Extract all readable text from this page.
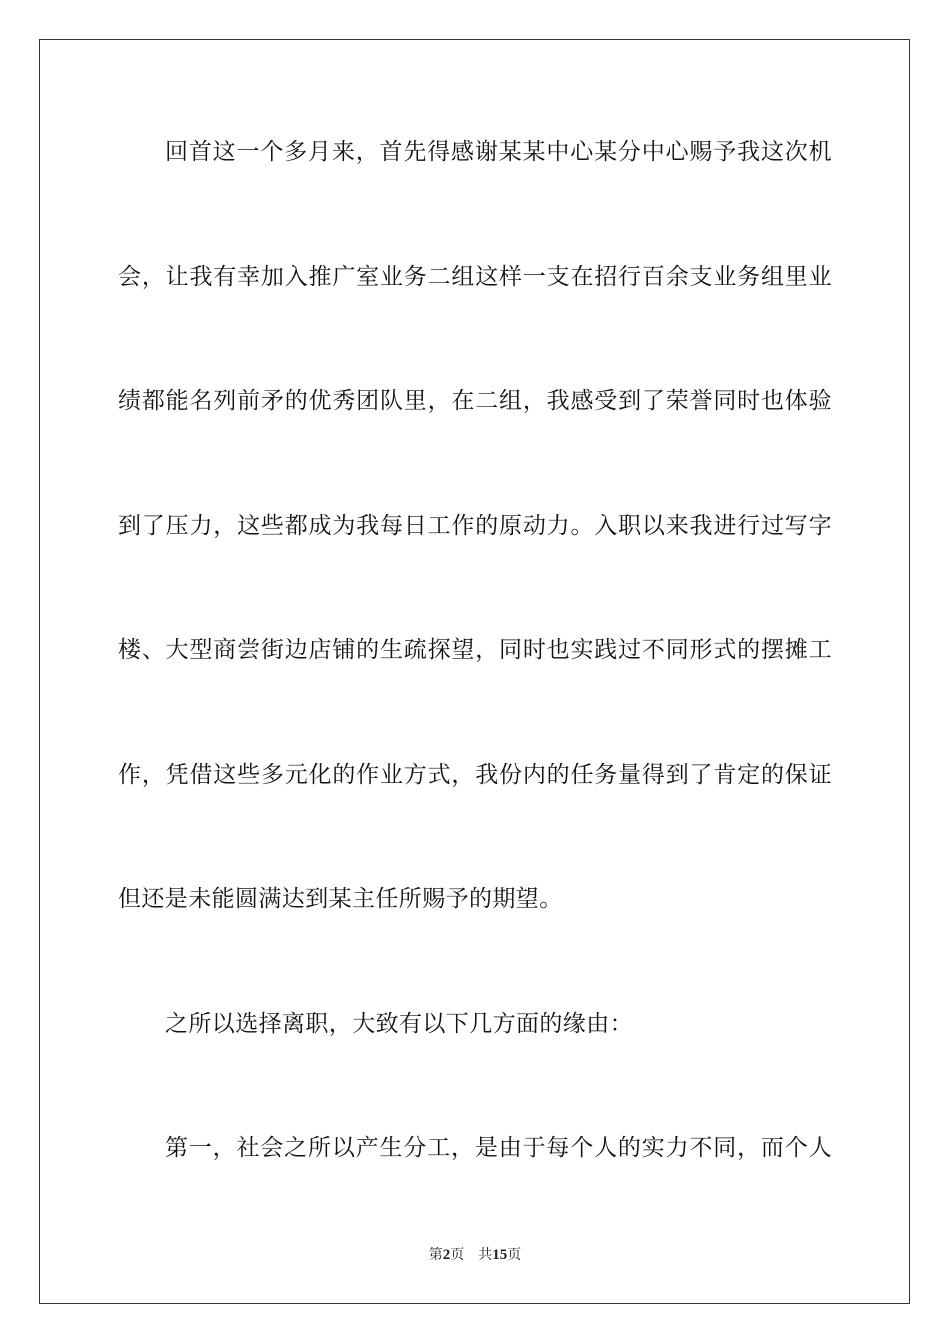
回首这一个多月来，首先得感谢某某中心某分中心赐予我这次机
会，让我有幸加入推广室业务二组这样一支在招行百余支业务组里业
绩都能名列前矛的优秀团队里，在二组，我感受到了荣誉同时也体验
到了压力，这些都成为我每日工作的原动力。入职以来我进行过写字
楼、大型商尝街边店铺的生疏探望，同时也实践过不同形式的摆摊工
作，凭借这些多元化的作业方式，我份内的任务量得到了肯定的保证
但还是未能圆满达到某主任所赐予的期望。
之所以选择离职，大致有以下几方面的缘由：
第一，社会之所以产生分工，是由于每个人的实力不同，而个人
第2页 共15页
